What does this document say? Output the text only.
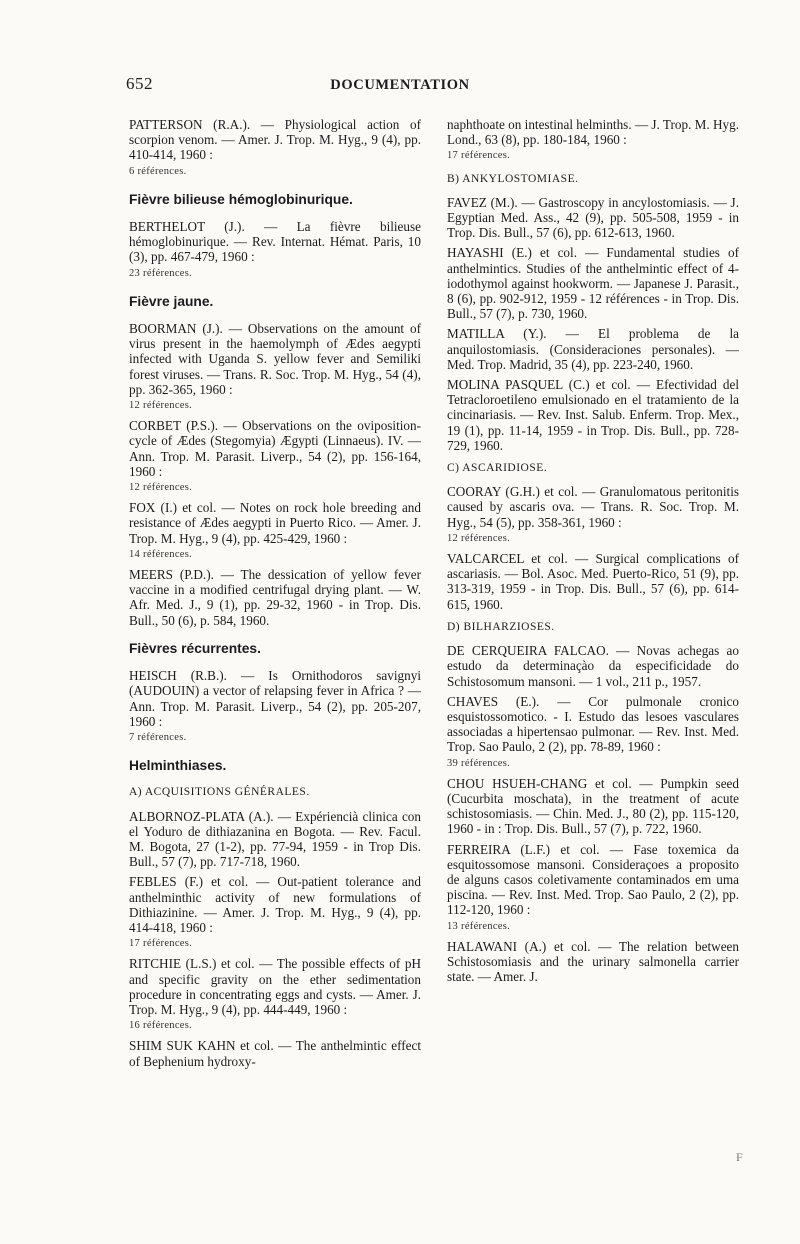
652	DOCUMENTATION

PATTERSON (R.A.). — Physiological action of scorpion venom. — Amer. J. Trop. M. Hyg., 9 (4), pp. 410-414, 1960 :

6 références.
Fièvre bilieuse hémoglobinurique.

BERTHELOT (J.). — La fièvre bilieuse hémoglobinurique. — Rev. Internat. Hémat. Paris, 10 (3), pp. 467-479, 1960 :

23 références.
Fièvre jaune.

BOORMAN (J.). — Observations on the amount of virus present in the haemolymph of Ædes aegypti infected with Uganda S. yellow fever and Semiliki forest viruses. — Trans. R. Soc. Trop. M. Hyg., 54 (4), pp. 362-365, 1960 :

12 références.

CORBET (P.S.). — Observations on the oviposition-cycle of Ædes (Stegomyia) Ægypti (Linnaeus). IV. — Ann. Trop. M. Parasit. Liverp., 54 (2), pp. 156-164, 1960 :

12 références.

FOX (I.) et col. — Notes on rock hole breeding and resistance of Ædes aegypti in Puerto Rico. — Amer. J. Trop. M. Hyg., 9 (4), pp. 425-429, 1960 :

14 références.

MEERS (P.D.). — The dessication of yellow fever vaccine in a modified centrifugal drying plant. — W. Afr. Med. J., 9 (1), pp. 29-32, 1960 - in Trop. Dis. Bull., 50 (6), p. 584, 1960.

Fièvres récurrentes.

HEISCH (R.B.). — Is Ornithodoros savignyi (AUDOUIN) a vector of relapsing fever in Africa ? — Ann. Trop. M. Parasit. Liverp., 54 (2), pp. 205-207, 1960 :

7 références.
Helminthiases.
A) ACQUISITIONS GÉNÉRALES.

ALBORNOZ-PLATA (A.). — Expériencià clinica con el Yoduro de dithiazanina en Bogota. — Rev. Facul. M. Bogota, 27 (1-2), pp. 77-94, 1959 - in Trop Dis. Bull., 57 (7), pp. 717-718, 1960.

FEBLES (F.) et col. — Out-patient tolerance and anthelminthic activity of new formulations of Dithiazinine. — Amer. J. Trop. M. Hyg., 9 (4), pp. 414-418, 1960 :

17 références.

RITCHIE (L.S.) et col. — The possible effects of pH and specific gravity on the ether sedimentation procedure in concentrating eggs and cysts. — Amer. J. Trop. M. Hyg., 9 (4), pp. 444-449, 1960 :

16 références.

SHIM SUK KAHN et col. — The anthelmintic effect of Bephenium hydroxy-

naphthoate on intestinal helminths. — J. Trop. M. Hyg. Lond., 63 (8), pp. 180-184, 1960 :

17 références.
B) ANKYLOSTOMIASE.

FAVEZ (M.). — Gastroscopy in ancylostomiasis. — J. Egyptian Med. Ass., 42 (9), pp. 505-508, 1959 - in Trop. Dis. Bull., 57 (6), pp. 612-613, 1960.

HAYASHI (E.) et col. — Fundamental studies of anthelmintics. Studies of the anthelmintic effect of 4-iodothymol against hookworm. — Japanese J. Parasit., 8 (6), pp. 902-912, 1959 - 12 références - in Trop. Dis. Bull., 57 (7), p. 730, 1960.

MATILLA (Y.). — El problema de la anquilostomiasis. (Consideraciones personales). — Med. Trop. Madrid, 35 (4), pp. 223-240, 1960.

MOLINA PASQUEL (C.) et col. — Efectividad del Tetracloroetileno emulsionado en el tratamiento de la cincinariasis. — Rev. Inst. Salub. Enferm. Trop. Mex., 19 (1), pp. 11-14, 1959 - in Trop. Dis. Bull., pp. 728-729, 1960.

C) ASCARIDIOSE.

COORAY (G.H.) et col. — Granulomatous peritonitis caused by ascaris ova. — Trans. R. Soc. Trop. M. Hyg., 54 (5), pp. 358-361, 1960 :

12 références.

VALCARCEL et col. — Surgical complications of ascariasis. — Bol. Asoc. Med. Puerto-Rico, 51 (9), pp. 313-319, 1959 - in Trop. Dis. Bull., 57 (6), pp. 614-615, 1960.

D) BILHARZIOSES.

DE CERQUEIRA FALCAO. — Novas achegas ao estudo da determinaçào da especificidade do Schistosomum mansoni. — 1 vol., 211 p., 1957.

CHAVES (E.). — Cor pulmonale cronico esquistossomotico. - I. Estudo das lesoes vasculares associadas a hipertensao pulmonar. — Rev. Inst. Med. Trop. Sao Paulo, 2 (2), pp. 78-89, 1960 :

39 références.

CHOU HSUEH-CHANG et col. — Pumpkin seed (Cucurbita moschata), in the treatment of acute schistosomiasis. — Chin. Med. J., 80 (2), pp. 115-120, 1960 - in : Trop. Dis. Bull., 57 (7), p. 722, 1960.

FERREIRA (L.F.) et col. — Fase toxemica da esquitossomose mansoni. Consideraçoes a proposito de alguns casos coletivamente contaminados em uma piscina. — Rev. Inst. Med. Trop. Sao Paulo, 2 (2), pp. 112-120, 1960 :

13 références.

HALAWANI (A.) et col. — The relation between Schistosomiasis and the urinary salmonella carrier state. — Amer. J.

F
